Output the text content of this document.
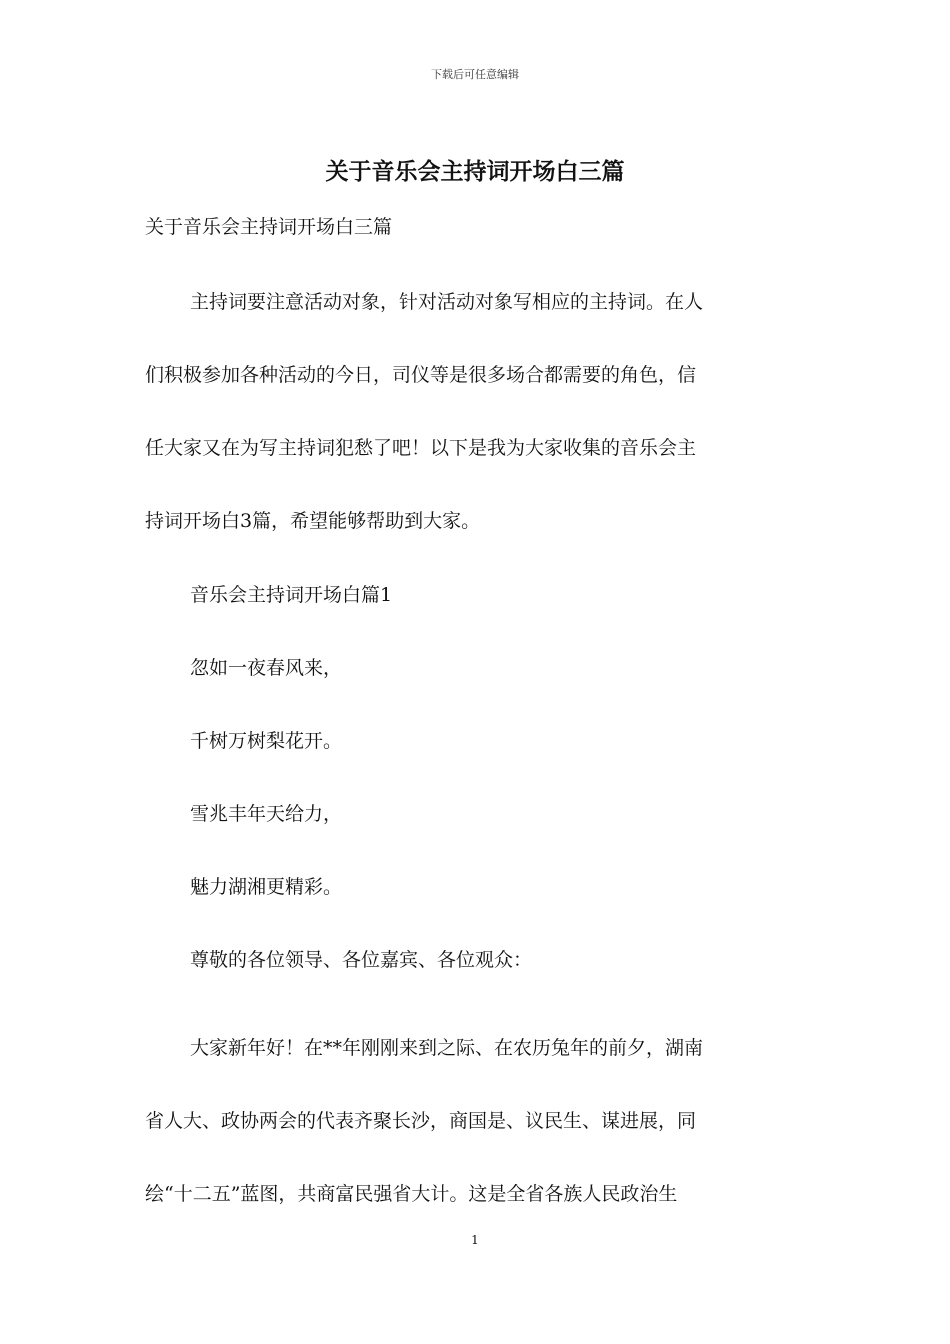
下载后可任意编辑
关于音乐会主持词开场白三篇

关于音乐会主持词开场白三篇

主持词要注意活动对象，针对活动对象写相应的主持词。在人

们积极参加各种活动的今日，司仪等是很多场合都需要的角色，信

任大家又在为写主持词犯愁了吧！以下是我为大家收集的音乐会主

持词开场白3篇，希望能够帮助到大家。

音乐会主持词开场白篇1

忽如一夜春风来，

千树万树梨花开。

雪兆丰年天给力，

魅力湖湘更精彩。

尊敬的各位领导、各位嘉宾、各位观众：

大家新年好！在**年刚刚来到之际、在农历兔年的前夕，湖南

省人大、政协两会的代表齐聚长沙，商国是、议民生、谋进展，同

绘“十二五”蓝图，共商富民强省大计。这是全省各族人民政治生

1
